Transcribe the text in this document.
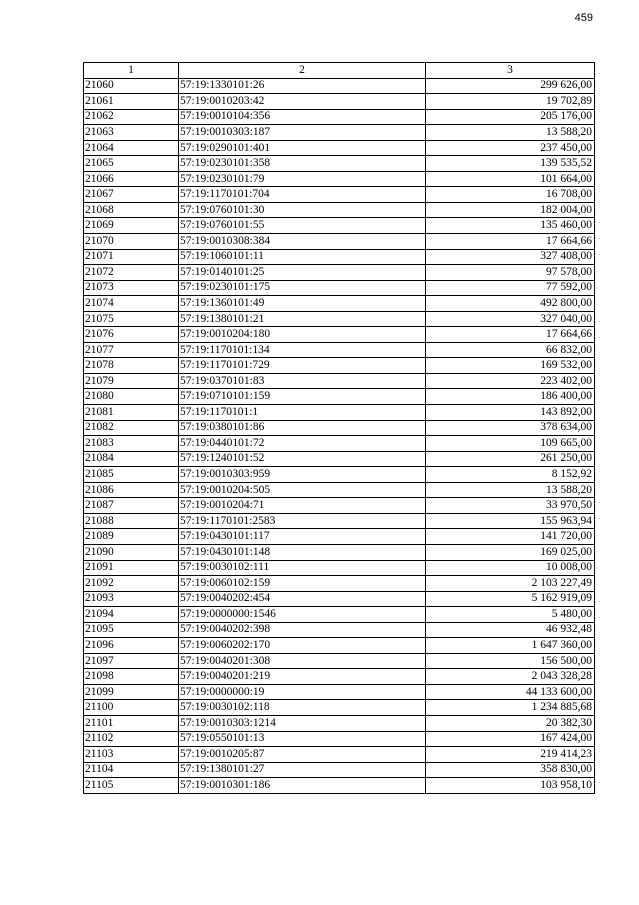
459
1	2	3
21060	57:19:1330101:26	299 626,00
21061	57:19:0010203:42	19 702,89
21062	57:19:0010104:356	205 176,00
21063	57:19:0010303:187	13 588,20
21064	57:19:0290101:401	237 450,00
21065	57:19:0230101:358	139 535,52
21066	57:19:0230101:79	101 664,00
21067	57:19:1170101:704	16 708,00
21068	57:19:0760101:30	182 004,00
21069	57:19:0760101:55	135 460,00
21070	57:19:0010308:384	17 664,66
21071	57:19:1060101:11	327 408,00
21072	57:19:0140101:25	97 578,00
21073	57:19:0230101:175	77 592,00
21074	57:19:1360101:49	492 800,00
21075	57:19:1380101:21	327 040,00
21076	57:19:0010204:180	17 664,66
21077	57:19:1170101:134	66 832,00
21078	57:19:1170101:729	169 532,00
21079	57:19:0370101:83	223 402,00
21080	57:19:0710101:159	186 400,00
21081	57:19:1170101:1	143 892,00
21082	57:19:0380101:86	378 634,00
21083	57:19:0440101:72	109 665,00
21084	57:19:1240101:52	261 250,00
21085	57:19:0010303:959	8 152,92
21086	57:19:0010204:505	13 588,20
21087	57:19:0010204:71	33 970,50
21088	57:19:1170101:2583	155 963,94
21089	57:19:0430101:117	141 720,00
21090	57:19:0430101:148	169 025,00
21091	57:19:0030102:111	10 008,00
21092	57:19:0060102:159	2 103 227,49
21093	57:19:0040202:454	5 162 919,09
21094	57:19:0000000:1546	5 480,00
21095	57:19:0040202:398	46 932,48
21096	57:19:0060202:170	1 647 360,00
21097	57:19:0040201:308	156 500,00
21098	57:19:0040201:219	2 043 328,28
21099	57:19:0000000:19	44 133 600,00
21100	57:19:0030102:118	1 234 885,68
21101	57:19:0010303:1214	20 382,30
21102	57:19:0550101:13	167 424,00
21103	57:19:0010205:87	219 414,23
21104	57:19:1380101:27	358 830,00
21105	57:19:0010301:186	103 958,10
